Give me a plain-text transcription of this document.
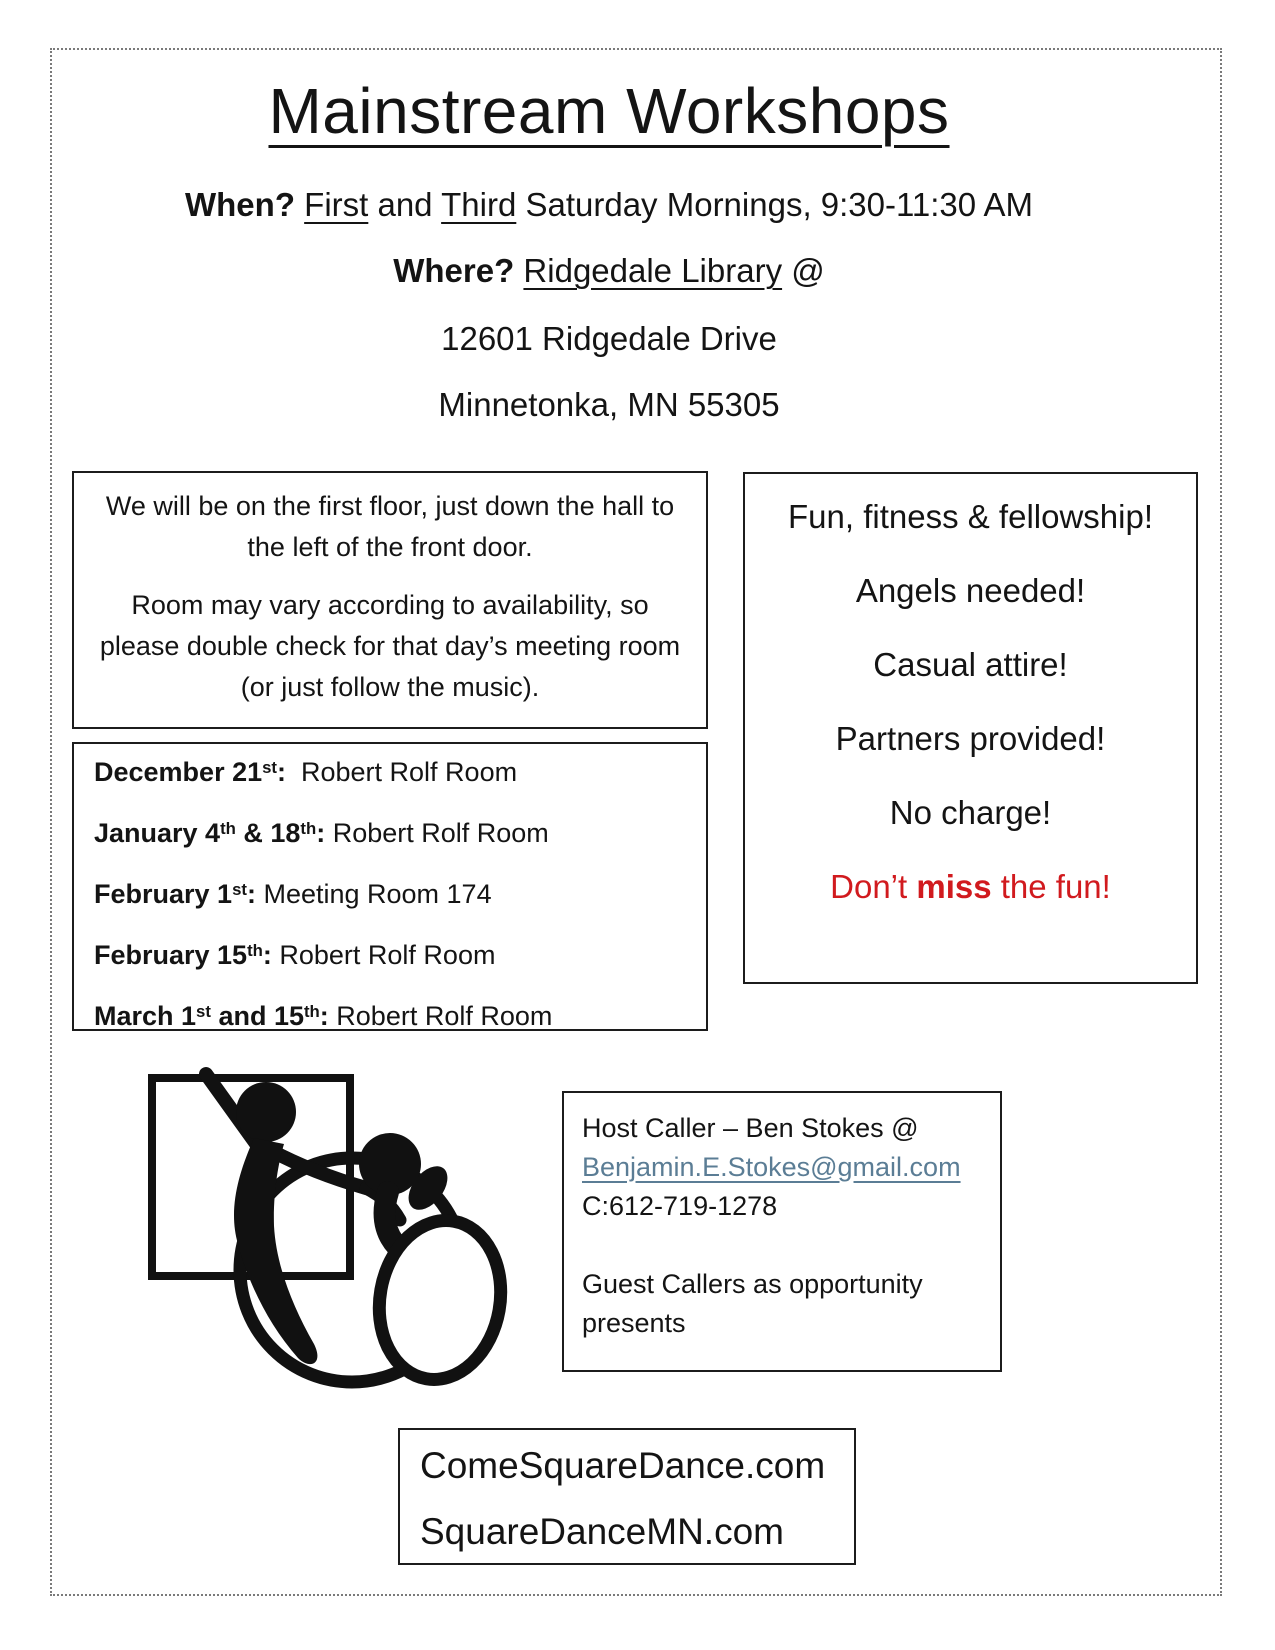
Mainstream Workshops
When? First and Third Saturday Mornings, 9:30-11:30 AM
Where? Ridgedale Library @
12601 Ridgedale Drive
Minnetonka, MN 55305

We will be on the first floor, just down the hall to the left of the front door.

Room may vary according to availability, so please double check for that day’s meeting room (or just follow the music).

December 21st:  Robert Rolf Room
January 4th & 18th: Robert Rolf Room
February 1st: Meeting Room 174
February 15th: Robert Rolf Room
March 1st and 15th: Robert Rolf Room
Fun, fitness & fellowship!
Angels needed!
Casual attire!
Partners provided!
No charge!
Don’t miss the fun!
Host Caller – Ben Stokes @
Benjamin.E.Stokes@gmail.com
C:612-719-1278
Guest Callers as opportunity presents
ComeSquareDance.com
SquareDanceMN.com
